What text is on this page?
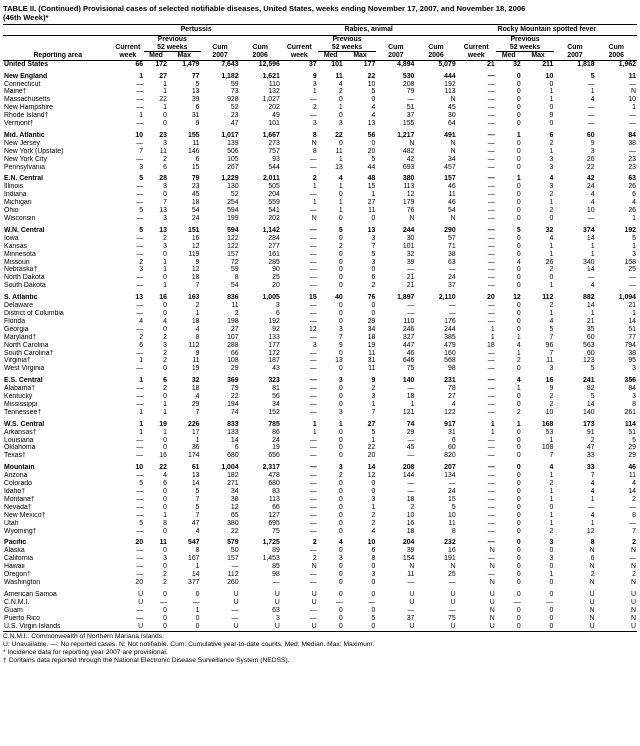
TABLE II. (Continued) Provisional cases of selected notifiable diseases, United States, weeks ending November 17, 2007, and November 18, 2006
(46th Week)*
	Pertussis					Rabies, animal					Rocky Mountain spotted fever				
		Previous					Previous					Previous			
	Current	52 weeks		Cum	Cum	Current	52 weeks		Cum	Cum	Current	52 weeks		Cum	Cum
Reporting area	week	Med	Max	2007	2006	week	Med	Max	2007	2006	week	Med	Max	2007	2006
United States	66	172	1,479	7,643	12,596	37	101	177	4,894	5,079	21	32	211	1,818	1,962

New England	1	27	77	1,182	1,621	9	11	22	530	444	—	0	10	5	11
Connecticut	—	1	5	59	110	3	4	10	208	192	—	0	0	—	—
Maine†	—	1	13	73	132	1	2	5	79	113	—	0	1	1	N
Massachusetts	—	22	39	928	1,027	—	0	0	—	N	—	0	1	4	10
New Hampshire	—	1	6	52	202	2	1	4	51	45	—	0	0	—	1
Rhode Island†	1	0	31	23	49	—	0	4	37	30	—	0	9	—	—
Vermont†	—	0	9	47	101	3	3	13	155	64	—	0	0	—	—

Mid. Atlantic	10	23	155	1,017	1,667	8	22	56	1,217	491	—	1	6	60	84
New Jersey	—	3	11	139	273	N	0	0	N	N	—	0	2	9	38
New York (Upstate)	7	11	146	506	757	8	11	20	482	N	—	0	1	3	—
New York City	—	2	6	105	93	—	1	5	42	34	—	0	3	26	23
Pennsylvania	3	6	15	267	544	—	13	44	693	457	—	0	3	22	23

E.N. Central	5	28	79	1,229	2,011	2	4	48	380	157	—	1	4	42	63
Illinois	—	3	23	130	505	1	1	15	113	46	—	0	3	24	26
Indiana	—	0	45	52	204	—	0	1	12	11	—	0	2	4	6
Michigan	—	7	18	254	559	1	1	27	179	46	—	0	1	4	4
Ohio	5	13	54	594	541	—	1	11	76	54	—	0	2	10	26
Wisconsin	—	3	24	199	202	N	0	0	N	N	—	0	0	—	1

W.N. Central	5	13	151	594	1,142	—	5	13	244	290	—	5	32	374	192
Iowa	—	2	16	122	284	—	0	3	30	57	—	0	4	14	5
Kansas	—	3	12	122	277	—	2	7	101	71	—	0	1	1	1
Minnesota	—	0	119	157	161	—	0	5	32	38	—	0	1	1	3
Missouri	2	1	9	72	285	—	0	3	39	63	—	4	26	340	158
Nebraska†	3	1	12	59	90	—	0	0	—	—	—	0	2	14	25
North Dakota	—	0	18	8	25	—	0	6	21	24	—	0	0	—	—
South Dakota	—	1	7	54	20	—	0	2	21	37	—	0	1	4	—

S. Atlantic	13	16	163	836	1,005	15	40	76	1,897	2,110	20	12	112	882	1,094
Delaware	—	0	2	11	3	—	0	0	—	—	—	0	2	14	21
District of Columbia	—	0	1	2	6	—	0	0	—	—	—	0	1	1	1
Florida	4	4	18	198	192	—	0	29	110	176	—	0	4	21	14
Georgia	—	0	4	27	92	12	3	34	246	244	1	0	5	35	51
Maryland†	2	2	8	107	133	—	7	18	327	385	1	1	7	60	77
North Carolina	6	3	112	288	177	3	9	19	447	479	18	4	96	563	794
South Carolina†	—	2	9	66	172	—	0	11	46	160	—	1	7	60	38
Virginia†	1	2	11	108	187	—	13	31	646	568	—	2	11	123	95
West Virginia	—	0	19	29	43	—	0	11	75	98	—	0	3	5	3

E.S. Central	1	6	32	369	323	—	3	9	140	231	—	4	16	241	356
Alabama†	—	2	18	79	81	—	0	2	—	78	—	1	9	82	84
Kentucky	—	0	4	22	56	—	0	3	18	27	—	0	2	5	3
Mississippi	—	1	29	194	34	—	0	1	1	4	—	0	2	14	8
Tennessee†	1	1	7	74	152	—	3	7	121	122	—	2	10	140	261

W.S. Central	1	19	226	833	785	1	1	27	74	917	1	1	168	173	114
Arkansas†	1	1	17	133	86	1	0	5	29	31	1	0	53	91	51
Louisiana	—	0	1	14	24	—	0	1	—	6	—	0	1	2	5
Oklahoma	—	0	36	6	19	—	0	22	45	60	—	0	108	47	29
Texas†	—	16	174	680	656	—	0	20	—	820	—	0	7	33	29

Mountain	10	22	61	1,004	2,317	—	3	14	208	207	—	0	4	33	46
Arizona	—	4	13	182	478	—	2	12	144	134	—	0	1	7	11
Colorado	5	6	14	271	680	—	0	0	—	—	—	0	2	4	4
Idaho†	—	0	5	34	83	—	0	0	—	24	—	0	1	4	14
Montana†	—	0	7	38	113	—	0	3	18	15	—	0	1	1	2
Nevada†	—	0	5	12	66	—	0	1	2	5	—	0	0	—	—
New Mexico†	—	1	7	65	127	—	0	2	10	10	—	0	1	4	8
Utah	5	8	47	380	695	—	0	2	16	11	—	0	1	1	—
Wyoming†	—	0	4	22	75	—	0	4	18	8	—	0	2	12	7

Pacific	20	11	547	579	1,725	2	4	10	204	232	—	0	3	8	2
Alaska	—	0	8	50	89	—	0	6	39	16	N	0	0	N	N
California	—	3	167	157	1,453	2	3	8	154	191	—	0	3	6	—
Hawaii	—	0	1	—	85	N	0	0	N	N	N	0	0	N	N
Oregon†	—	2	14	112	98	—	0	3	11	25	—	0	1	2	2
Washington	20	2	377	260	—	—	0	0	—	—	N	0	0	N	N

American Samoa	U	0	0	U	U	U	0	0	U	U	U	0	0	U	U
C.N.M.I.	U	—	—	U	U	U	—	—	U	U	U	—	—	U	U
Guam	—	0	1	—	63	—	0	0	—	—	N	0	0	N	N
Puerto Rico	—	0	0	—	3	—	0	5	37	75	N	0	0	N	N
U.S. Virgin Islands	U	0	0	U	U	U	0	0	U	U	U	0	0	U	U
C.N.M.I.: Commonwealth of Northern Mariana Islands.
U: Unavailable. —: No reported cases. N: Not notifiable. Cum: Cumulative year-to-date counts. Med: Median. Max: Maximum.
* Incidence data for reporting year 2007 are provisional.
† Contains data reported through the National Electronic Disease Surveillance System (NEDSS).
